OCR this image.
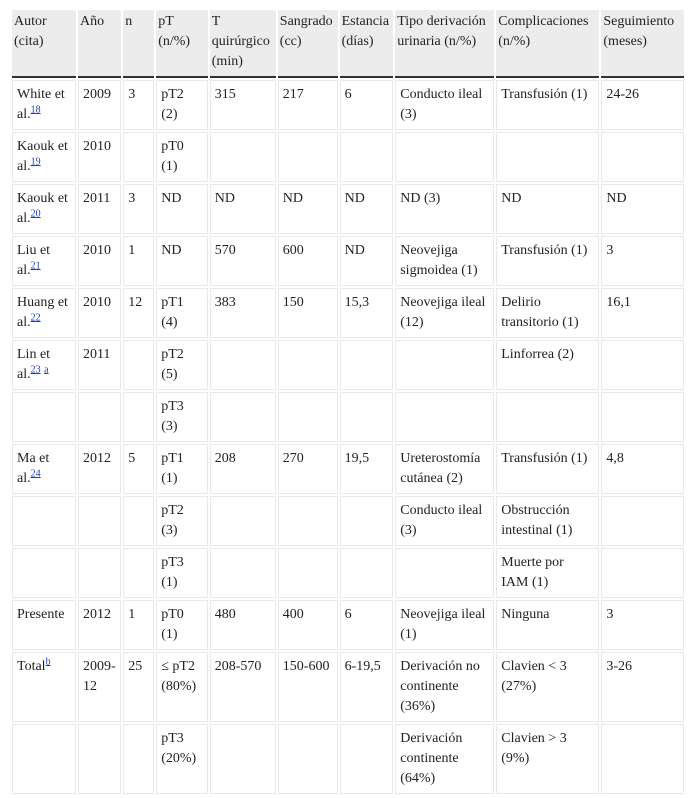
Autor (cita)	Año	n	pT (n/%)	T quirúrgico (min)	Sangrado (cc)	Estancia (días)	Tipo derivación urinaria (n/%)	Complicaciones (n/%)	Seguimiento (meses)
White et al.$^{18}$	2009	3	pT2 (2)	315	217	6	Conducto ileal (3)	Transfusión (1)	24-26
Kaouk et al.$^{19}$	2010		pT0 (1)						
Kaouk et al.$^{20}$	2011	3	ND	ND	ND	ND	ND (3)	ND	ND
Liu et al.$^{21}$	2010	1	ND	570	600	ND	Neovejiga sigmoidea (1)	Transfusión (1)	3
Huang et al.$^{22}$	2010	12	pT1 (4)	383	150	15,3	Neovejiga ileal (12)	Delirio transitorio (1)	16,1
Lin et al.$^{23}$ $^a$	2011		pT2 (5)					Linforrea (2)	
			pT3 (3)						
Ma et al.$^{24}$	2012	5	pT1 (1)	208	270	19,5	Ureterostomía cutánea (2)	Transfusión (1)	4,8
			pT2 (3)				Conducto ileal (3)	Obstrucción intestinal (1)	
			pT3 (1)					Muerte por IAM (1)	
Presente	2012	1	pT0 (1)	480	400	6	Neovejiga ileal (1)	Ninguna	3
Total$^b$	2009-12	25	≤ pT2 (80%)	208-570	150-600	6-19,5	Derivación no continente (36%)	Clavien < 3 (27%)	3-26
			pT3 (20%)				Derivación continente (64%)	Clavien > 3 (9%)	
